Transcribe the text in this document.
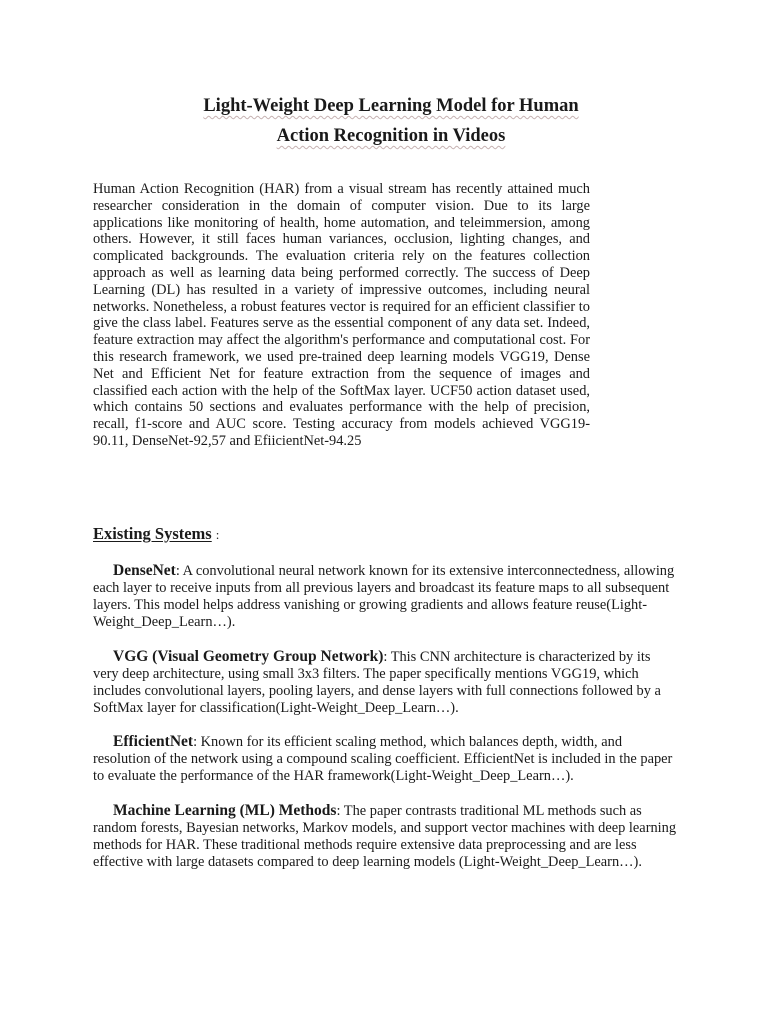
Light-Weight Deep Learning Model for Human
Action Recognition in Videos

Human Action Recognition (HAR) from a visual stream has recently attained much researcher consideration in the domain of computer vision. Due to its large applications like monitoring of health, home automation, and teleimmersion, among others. However, it still faces human variances, occlusion, lighting changes, and complicated backgrounds. The evaluation criteria rely on the features collection approach as well as learning data being performed correctly. The success of Deep Learning (DL) has resulted in a variety of impressive outcomes, including neural networks. Nonetheless, a robust features vector is required for an efficient classifier to give the class label. Features serve as the essential component of any data set. Indeed, feature extraction may affect the algorithm's performance and computational cost. For this research framework, we used pre-trained deep learning models VGG19, Dense Net and Efficient Net for feature extraction from the sequence of images and classified each action with the help of the SoftMax layer. UCF50 action dataset used, which contains 50 sections and evaluates performance with the help of precision, recall, f1-score and AUC score. Testing accuracy from models achieved VGG19- 90.11, DenseNet-92,57 and EfiicientNet-94.25

Existing Systems :

DenseNet: A convolutional neural network known for its extensive interconnectedness, allowing each layer to receive inputs from all previous layers and broadcast its feature maps to all subsequent layers. This model helps address vanishing or growing gradients and allows feature reuse(Light-Weight_Deep_Learn…).

VGG (Visual Geometry Group Network): This CNN architecture is characterized by its very deep architecture, using small 3x3 filters. The paper specifically mentions VGG19, which includes convolutional layers, pooling layers, and dense layers with full connections followed by a SoftMax layer for classification(Light-Weight_Deep_Learn…).

EfficientNet: Known for its efficient scaling method, which balances depth, width, and resolution of the network using a compound scaling coefficient. EfficientNet is included in the paper to evaluate the performance of the HAR framework(Light-Weight_Deep_Learn…).

Machine Learning (ML) Methods: The paper contrasts traditional ML methods such as random forests, Bayesian networks, Markov models, and support vector machines with deep learning methods for HAR. These traditional methods require extensive data preprocessing and are less effective with large datasets compared to deep learning models (Light-Weight_Deep_Learn…).
